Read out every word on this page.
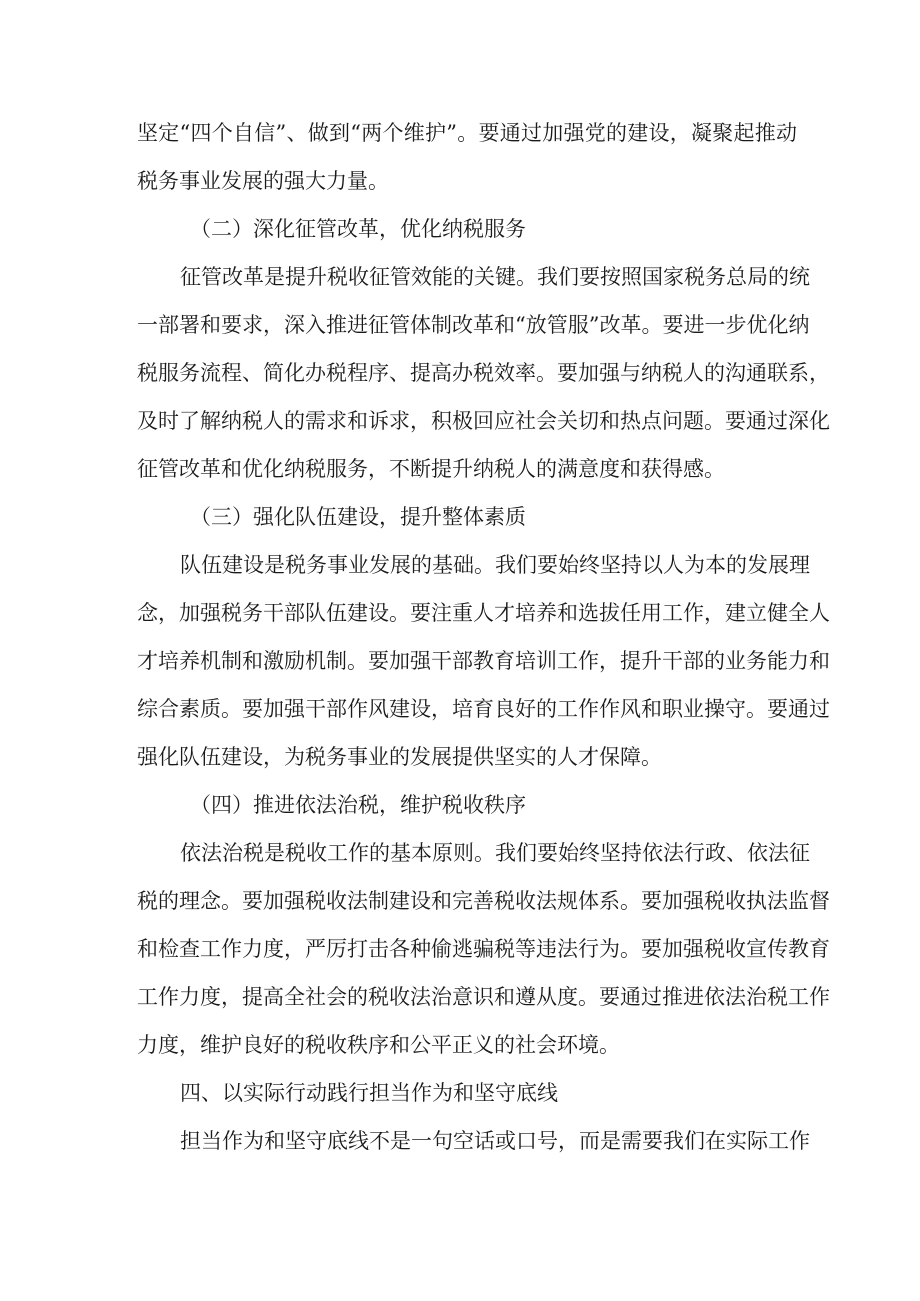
坚定“四个自信”、做到“两个维护”。要通过加强党的建设，凝聚起推动
税务事业发展的强大力量。
（二）深化征管改革，优化纳税服务
征管改革是提升税收征管效能的关键。我们要按照国家税务总局的统
一部署和要求，深入推进征管体制改革和“放管服”改革。要进一步优化纳
税服务流程、简化办税程序、提高办税效率。要加强与纳税人的沟通联系，
及时了解纳税人的需求和诉求，积极回应社会关切和热点问题。要通过深化
征管改革和优化纳税服务，不断提升纳税人的满意度和获得感。
（三）强化队伍建设，提升整体素质
队伍建设是税务事业发展的基础。我们要始终坚持以人为本的发展理
念，加强税务干部队伍建设。要注重人才培养和选拔任用工作，建立健全人
才培养机制和激励机制。要加强干部教育培训工作，提升干部的业务能力和
综合素质。要加强干部作风建设，培育良好的工作作风和职业操守。要通过
强化队伍建设，为税务事业的发展提供坚实的人才保障。
（四）推进依法治税，维护税收秩序
依法治税是税收工作的基本原则。我们要始终坚持依法行政、依法征
税的理念。要加强税收法制建设和完善税收法规体系。要加强税收执法监督
和检查工作力度，严厉打击各种偷逃骗税等违法行为。要加强税收宣传教育
工作力度，提高全社会的税收法治意识和遵从度。要通过推进依法治税工作
力度，维护良好的税收秩序和公平正义的社会环境。
四、以实际行动践行担当作为和坚守底线
担当作为和坚守底线不是一句空话或口号，而是需要我们在实际工作
